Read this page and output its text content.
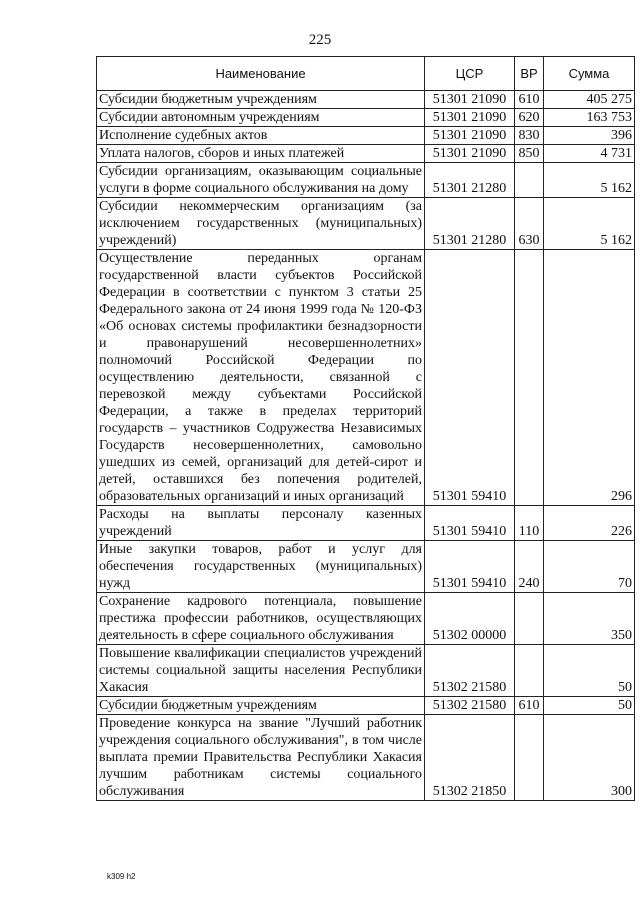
225
Наименование	ЦСР	ВР	Сумма
Субсидии бюджетным учреждениям	51301 21090	610	405 275
Субсидии автономным учреждениям	51301 21090	620	163 753
Исполнение судебных актов	51301 21090	830	396
Уплата налогов, сборов и иных платежей	51301 21090	850	4 731
Субсидии организациям, оказывающим социальные услуги в форме социального обслуживания на дому	51301 21280		5 162
Субсидии некоммерческим организациям (за исключением государственных (муниципальных) учреждений)	51301 21280	630	5 162
Осуществление переданных органам государственной власти субъектов Российской Федерации в соответствии с пунктом 3 статьи 25 Федерального закона от 24 июня 1999 года № 120-ФЗ «Об основах системы профилактики безнадзорности и правонарушений несовершеннолетних» полномочий Российской Федерации по осуществлению деятельности, связанной с перевозкой между субъектами Российской Федерации, а также в пределах территорий государств – участников Содружества Независимых Государств несовершеннолетних, самовольно ушедших из семей, организаций для детей-сирот и детей, оставшихся без попечения родителей, образовательных организаций и иных организаций	51301 59410		296
Расходы на выплаты персоналу казенных учреждений	51301 59410	110	226
Иные закупки товаров, работ и услуг для обеспечения государственных (муниципальных) нужд	51301 59410	240	70
Сохранение кадрового потенциала, повышение престижа профессии работников, осуществляющих деятельность в сфере социального обслуживания	51302 00000		350
Повышение квалификации специалистов учреждений системы социальной защиты населения Республики Хакасия	51302 21580		50
Субсидии бюджетным учреждениям	51302 21580	610	50
Проведение конкурса на звание "Лучший работник учреждения социального обслуживания", в том числе выплата премии Правительства Республики Хакасия лучшим работникам системы социального обслуживания	51302 21850		300
k309 h2
